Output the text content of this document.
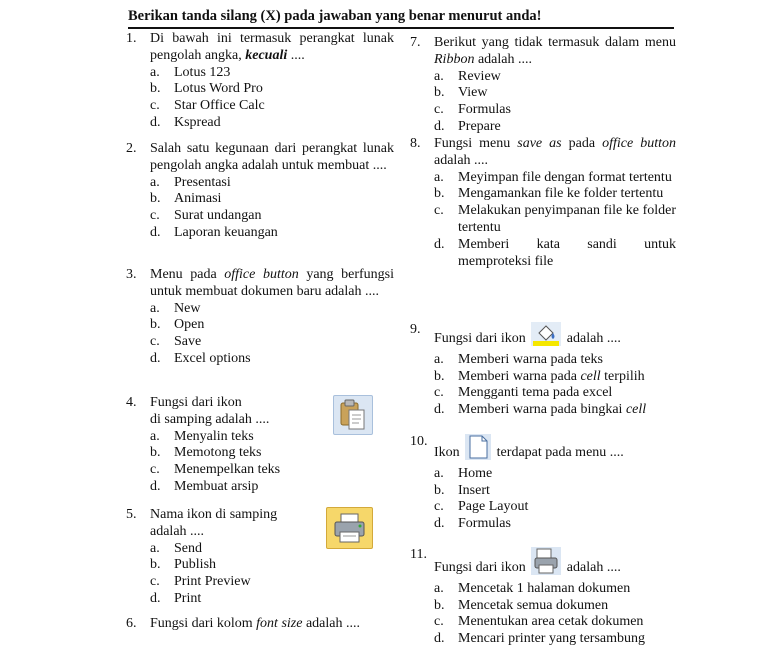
Berikan tanda silang (X) pada jawaban yang benar menurut anda!
1. Di bawah ini termasuk perangkat lunak pengolah angka, kecuali ....
a.	Lotus 123
b. Lotus Word Pro
c.	Star Office Calc
d. Kspread
2. Salah satu kegunaan dari perangkat lunak pengolah angka adalah untuk membuat ....
a.	Presentasi
b. Animasi
c.	Surat undangan
d. Laporan keuangan
3. Menu pada office button yang berfungsi untuk membuat dokumen baru adalah ....
a.	New
b. Open
c.	Save
d. Excel options
4. Fungsi dari ikon
di samping adalah ....
a.	Menyalin teks
b. Memotong teks
c.	Menempelkan teks
d. Membuat arsip
5. Nama ikon di samping
adalah ....
a.	Send
b. Publish
c.	Print Preview
d. Print
6. Fungsi dari kolom font size adalah ....
7. Berikut yang tidak termasuk dalam menu Ribbon adalah ....
a.	Review
b. View
c.	Formulas
d. Prepare
8. Fungsi menu save as pada office button adalah ....
a.	Meyimpan file dengan format tertentu
b. Mengamankan file ke folder tertentu
c.	Melakukan penyimpanan file ke folder tertentu
d. Memberi kata sandi untuk memproteksi file
9.
Fungsi dari ikon	adalah ....
a.	Memberi warna pada teks
b. Memberi warna pada cell terpilih
c.	Mengganti tema pada excel
d. Memberi warna pada bingkai cell
10.
Ikon	terdapat pada menu ....
a.	Home
b. Insert
c.	Page Layout
d. Formulas
11.
Fungsi dari ikon	adalah ....
a.	Mencetak 1 halaman dokumen
b. Mencetak semua dokumen
c.	Menentukan area cetak dokumen
d. Mencari printer yang tersambung
